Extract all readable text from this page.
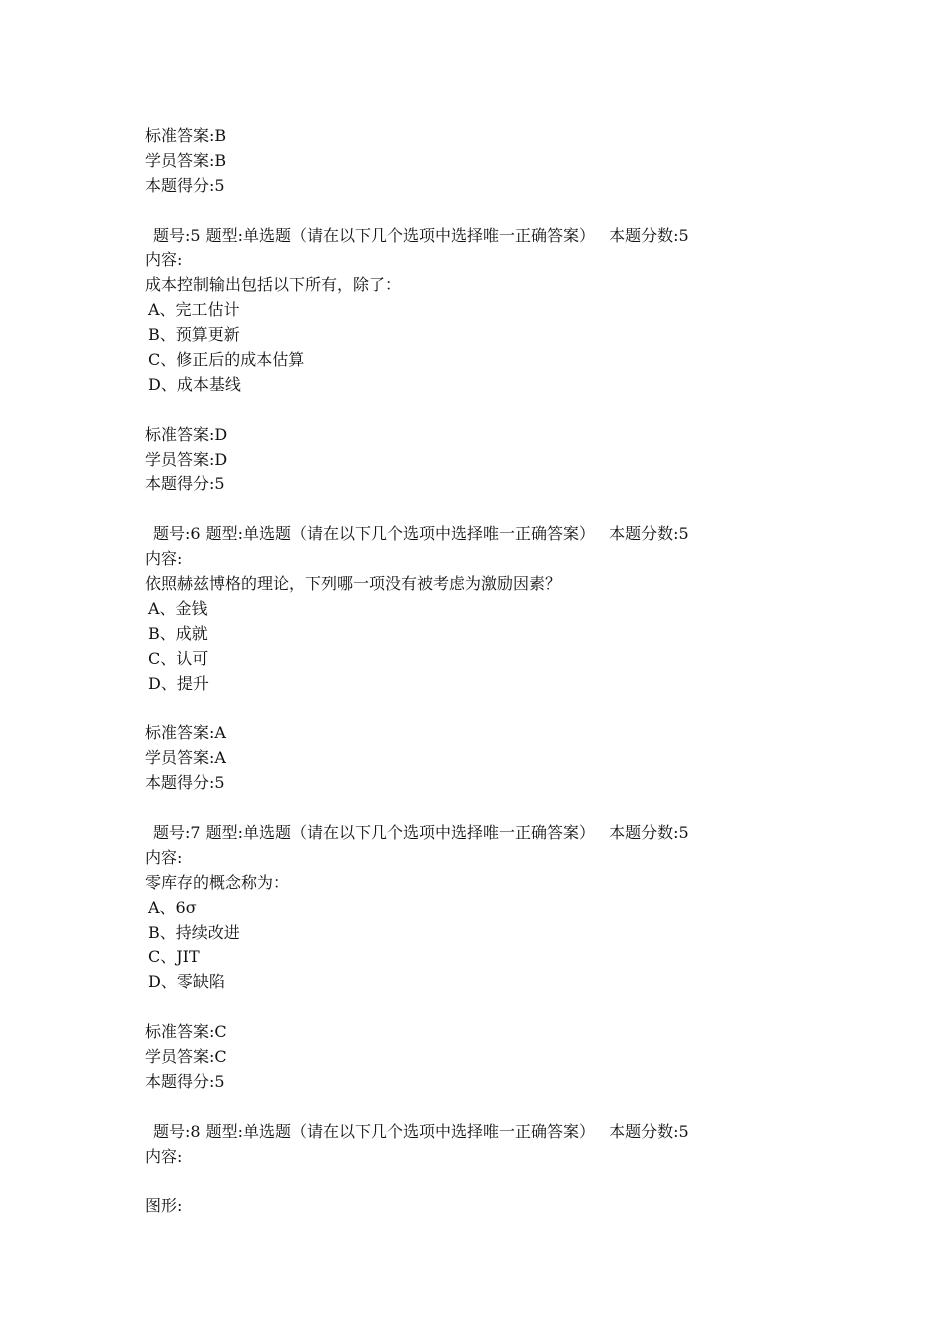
标准答案:B
学员答案:B
本题得分:5
题号:5 题型:单选题（请在以下几个选项中选择唯一正确答案） 本题分数:5
内容:
成本控制输出包括以下所有，除了：
A、完工估计
B、预算更新
C、修正后的成本估算
D、成本基线
标准答案:D
学员答案:D
本题得分:5
题号:6 题型:单选题（请在以下几个选项中选择唯一正确答案） 本题分数:5
内容:
依照赫兹博格的理论，下列哪一项没有被考虑为激励因素？
A、金钱
B、成就
C、认可
D、提升
标准答案:A
学员答案:A
本题得分:5
题号:7 题型:单选题（请在以下几个选项中选择唯一正确答案） 本题分数:5
内容:
零库存的概念称为：
A、6σ
B、持续改进
C、JIT
D、零缺陷
标准答案:C
学员答案:C
本题得分:5
题号:8 题型:单选题（请在以下几个选项中选择唯一正确答案） 本题分数:5
内容:
图形:
